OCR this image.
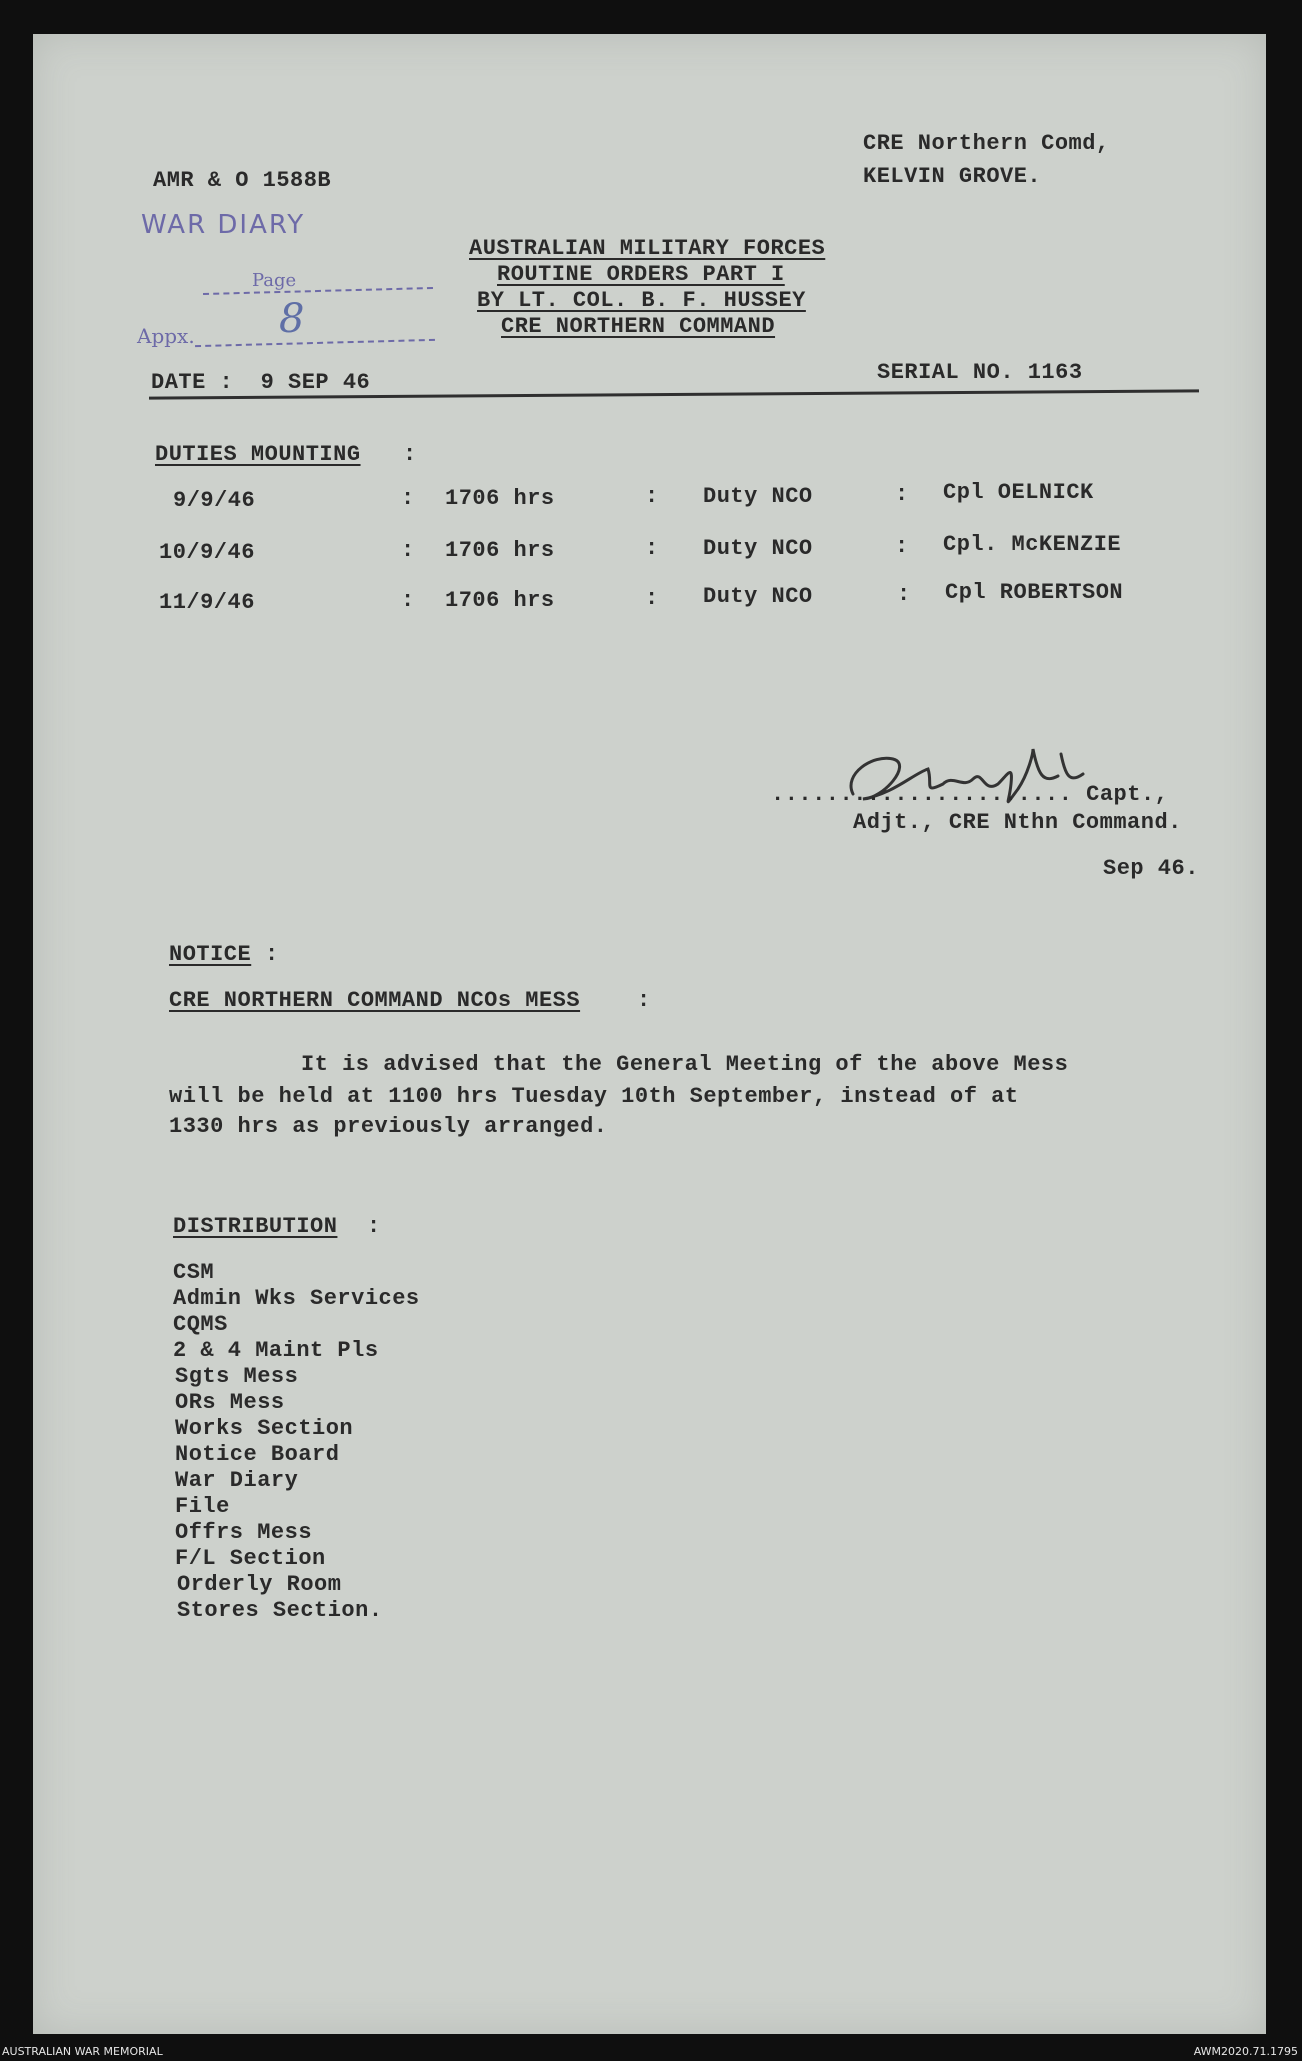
AMR & O 1588B
CRE Northern Comd,
KELVIN GROVE.
WAR DIARY
Page
Appx. 8
AUSTRALIAN MILITARY FORCES
ROUTINE ORDERS PART I
BY LT. COL. B. F. HUSSEY
CRE NORTHERN COMMAND
DATE :  9 SEP 46	SERIAL NO. 1163
DUTIES MOUNTING :
9/9/46	: 1706 hrs	: Duty NCO	: Cpl OELNICK
10/9/46	: 1706 hrs	: Duty NCO	: Cpl. McKENZIE
11/9/46	: 1706 hrs	: Duty NCO	: Cpl ROBERTSON
...................... Capt.,
Adjt., CRE Nthn Command.
Sep 46.
NOTICE :
CRE NORTHERN COMMAND NCOs MESS	:
It is advised that the General Meeting of the above Mess
will be held at 1100 hrs Tuesday 10th September, instead of at
1330 hrs as previously arranged.
DISTRIBUTION :
CSM
Admin Wks Services
CQMS
2 & 4 Maint Pls
Sgts Mess
ORs Mess
Works Section
Notice Board
War Diary
File
Offrs Mess
F/L Section
Orderly Room
Stores Section.
AUSTRALIAN WAR MEMORIAL	AWM2020.71.1795
